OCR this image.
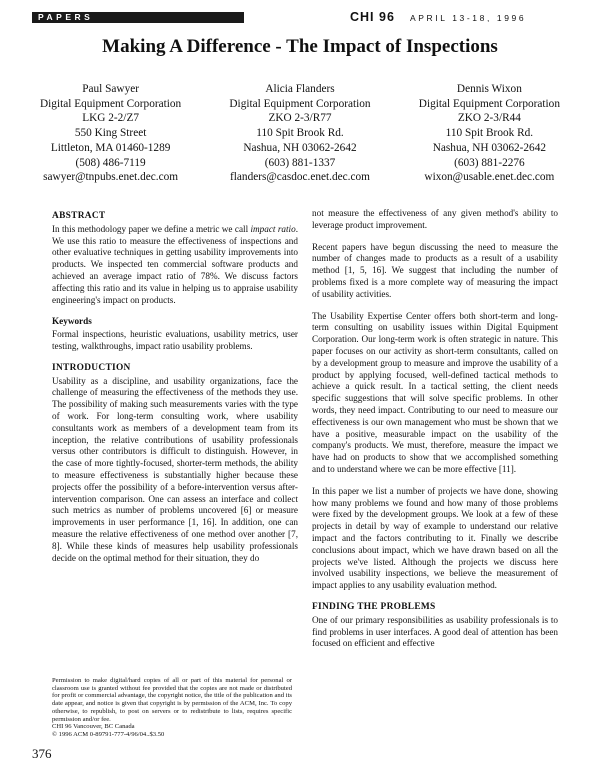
PAPERS	CHI 96 APRIL 13-18, 1996
Making A Difference - The Impact of Inspections
Paul Sawyer
Digital Equipment Corporation
LKG 2-2/Z7
550 King Street
Littleton, MA 01460-1289
(508) 486-7119
sawyer@tnpubs.enet.dec.com
Alicia Flanders
Digital Equipment Corporation
ZKO 2-3/R77
110 Spit Brook Rd.
Nashua, NH 03062-2642
(603) 881-1337
flanders@casdoc.enet.dec.com
Dennis Wixon
Digital Equipment Corporation
ZKO 2-3/R44
110 Spit Brook Rd.
Nashua, NH 03062-2642
(603) 881-2276
wixon@usable.enet.dec.com
ABSTRACT

In this methodology paper we define a metric we call impact ratio. We use this ratio to measure the effectiveness of inspections and other evaluative techniques in getting usability improvements into products. We inspected ten commercial software products and achieved an average impact ratio of 78%. We discuss factors affecting this ratio and its value in helping us to appraise usability engineering's impact on products.

Keywords

Formal inspections, heuristic evaluations, usability metrics, user testing, walkthroughs, impact ratio usability problems.

INTRODUCTION

Usability as a discipline, and usability organizations, face the challenge of measuring the effectiveness of the methods they use. The possibility of making such measurements varies with the type of work. For long-term consulting work, where usability consultants work as members of a development team from its inception, the relative contributions of usability professionals versus other contributors is difficult to distinguish. However, in the case of more tightly-focused, shorter-term methods, the ability to measure effectiveness is substantially higher because these projects offer the possibility of a before-intervention versus after-intervention comparison. One can assess an interface and collect such metrics as number of problems uncovered [6] or measure improvements in user performance [1, 16]. In addition, one can measure the relative effectiveness of one method over another [7, 8]. While these kinds of measures help usability professionals decide on the optimal method for their situation, they do

Permission to make digital/hard copies of all or part of this material for personal or classroom use is granted without fee provided that the copies are not made or distributed for profit or commercial advantage, the copyright notice, the title of the publication and its date appear, and notice is given that copyright is by permission of the ACM, Inc. To copy otherwise, to republish, to post on servers or to redistribute to lists, requires specific permission and/or fee.
CHI 96 Vancouver, BC Canada
© 1996 ACM 0-89791-777-4/96/04..$3.50

not measure the effectiveness of any given method's ability to leverage product improvement.

Recent papers have begun discussing the need to measure the number of changes made to products as a result of a usability method [1, 5, 16]. We suggest that including the number of problems fixed is a more complete way of measuring the impact of usability activities.

The Usability Expertise Center offers both short-term and long-term consulting on usability issues within Digital Equipment Corporation. Our long-term work is often strategic in nature. This paper focuses on our activity as short-term consultants, called on by a development group to measure and improve the usability of a product by applying focused, well-defined tactical methods to achieve a quick result. In a tactical setting, the client needs specific suggestions that will solve specific problems. In other words, they need impact. Contributing to our need to measure our effectiveness is our own management who must be shown that we have a positive, measurable impact on the usability of the company's products. We must, therefore, measure the impact we have had on products to show that we accomplished something and to understand where we can be more effective [11].

In this paper we list a number of projects we have done, showing how many problems we found and how many of those problems were fixed by the development groups. We look at a few of these projects in detail by way of example to understand our relative impact and the factors contributing to it. Finally we describe conclusions about impact, which we have drawn based on all the projects we've listed. Although the projects we discuss here involved usability inspections, we believe the measurement of impact applies to any usability evaluation method.

FINDING THE PROBLEMS

One of our primary responsibilities as usability professionals is to find problems in user interfaces. A good deal of attention has been focused on efficient and effective

376
